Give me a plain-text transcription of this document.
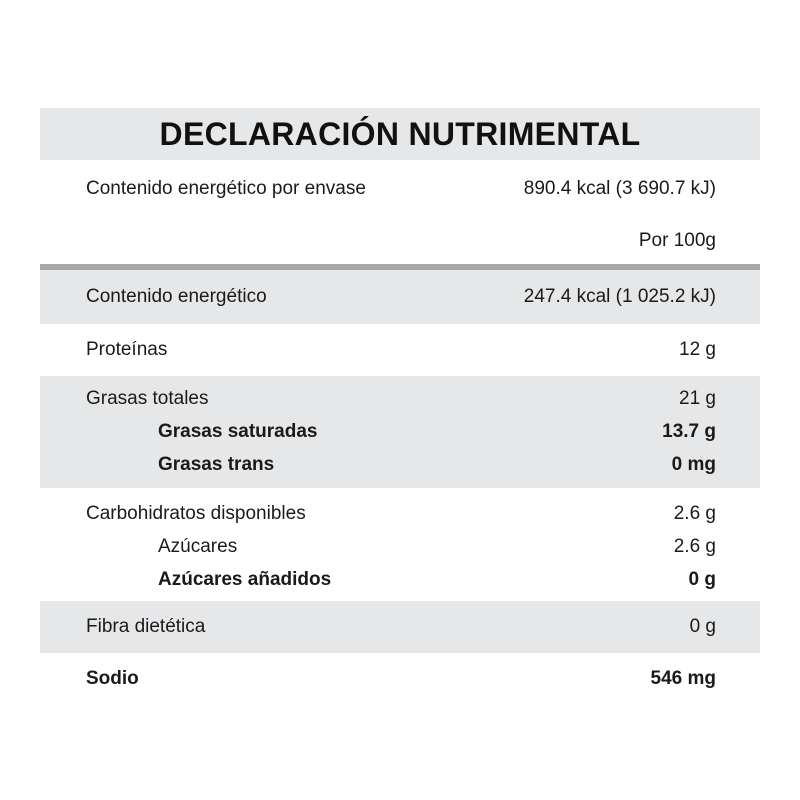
DECLARACIÓN NUTRIMENTAL
Contenido energético por envase	890.4 kcal (3 690.7 kJ)
Por 100g
Contenido energético	247.4 kcal (1 025.2 kJ)
Proteínas	12 g
Grasas totales	21 g
Grasas saturadas	13.7 g
Grasas trans	0 mg
Carbohidratos disponibles	2.6 g
Azúcares	2.6 g
Azúcares añadidos	0 g
Fibra dietética	0 g
Sodio	546 mg
